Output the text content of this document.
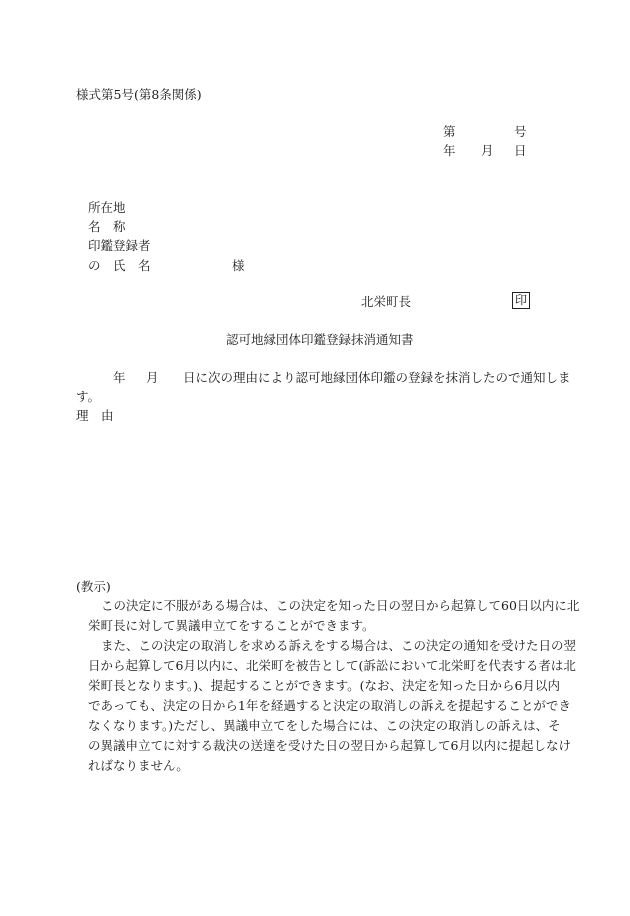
様式第5号(第8条関係)
第	号
年 月 日
所在地
名　称
印鑑登録者
の　氏　名	様
北栄町長	印
認可地縁団体印鑑登録抹消通知書
年 月 日に次の理由により認可地縁団体印鑑の登録を抹消したので通知しま
す。
理　由
(教示)
この決定に不服がある場合は、この決定を知った日の翌日から起算して60日以内に北
栄町長に対して異議申立てをすることができます。
また、この決定の取消しを求める訴えをする場合は、この決定の通知を受けた日の翌
日から起算して6月以内に、北栄町を被告として(訴訟において北栄町を代表する者は北
栄町長となります。)、提起することができます。(なお、決定を知った日から6月以内
であっても、決定の日から1年を経過すると決定の取消しの訴えを提起することができ
なくなります。)ただし、異議申立てをした場合には、この決定の取消しの訴えは、そ
の異議申立てに対する裁決の送達を受けた日の翌日から起算して6月以内に提起しなけ
ればなりません。
